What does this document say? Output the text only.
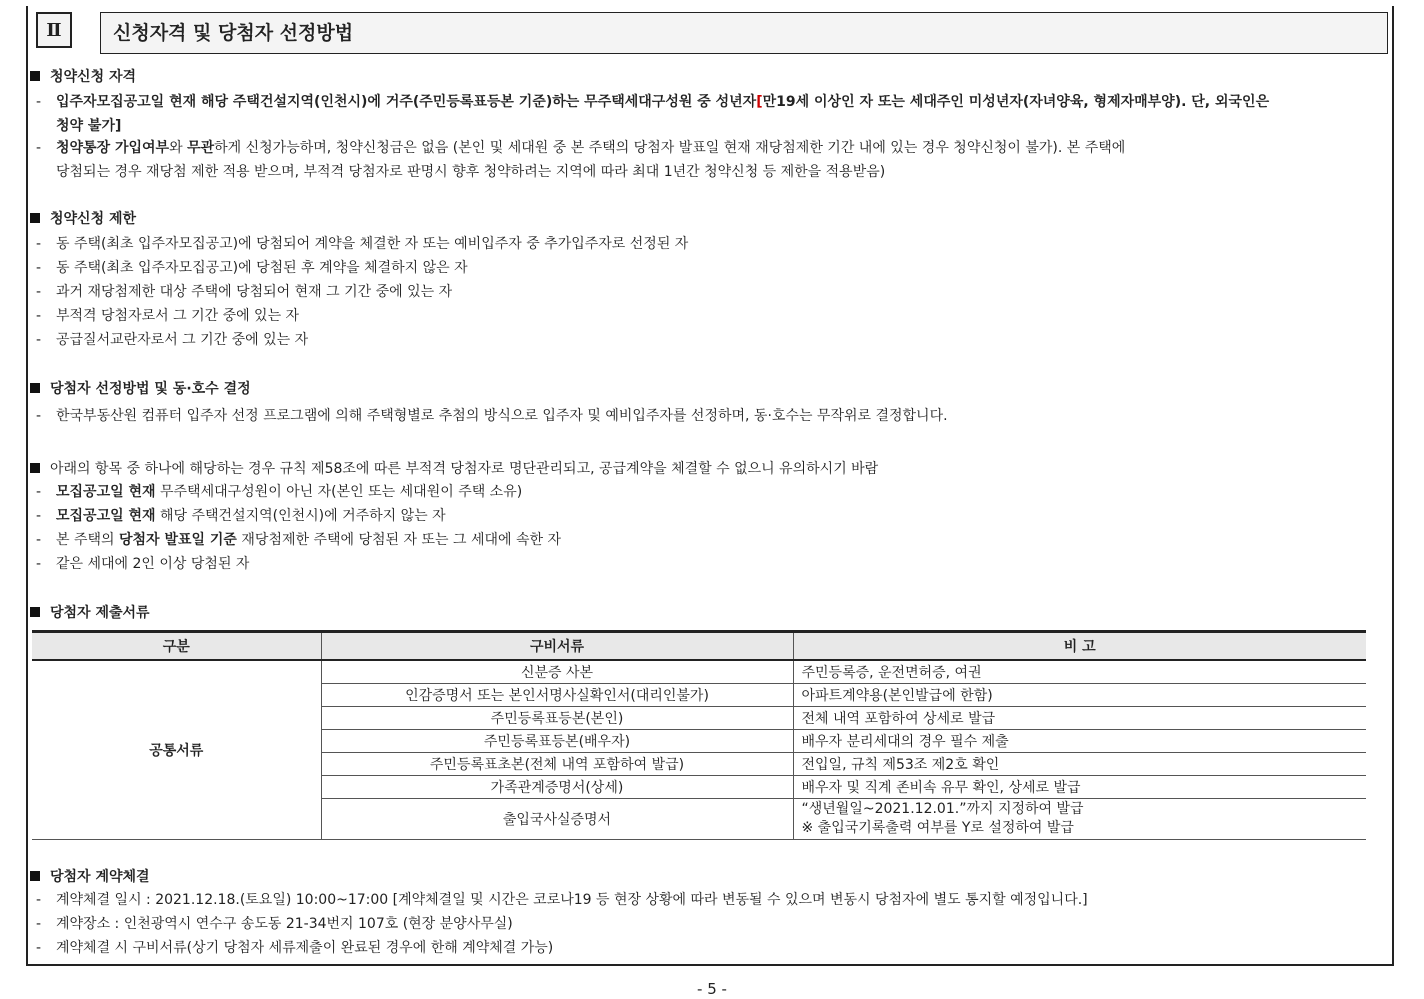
Ⅱ	신청자격 및 당첨자 선정방법
청약신청 자격
- 입주자모집공고일 현재 해당 주택건설지역(인천시)에 거주(주민등록표등본 기준)하는 무주택세대구성원 중 성년자[만19세 이상인 자 또는 세대주인 미성년자(자녀양육, 형제자매부양). 단, 외국인은
청약 불가]
- 청약통장 가입여부와 무관하게 신청가능하며, 청약신청금은 없음 (본인 및 세대원 중 본 주택의 당첨자 발표일 현재 재당첨제한 기간 내에 있는 경우 청약신청이 불가). 본 주택에
당첨되는 경우 재당첨 제한 적용 받으며, 부적격 당첨자로 판명시 향후 청약하려는 지역에 따라 최대 1년간 청약신청 등 제한을 적용받음)
청약신청 제한
- 동 주택(최초 입주자모집공고)에 당첨되어 계약을 체결한 자 또는 예비입주자 중 추가입주자로 선정된 자
- 동 주택(최초 입주자모집공고)에 당첨된 후 계약을 체결하지 않은 자
- 과거 재당첨제한 대상 주택에 당첨되어 현재 그 기간 중에 있는 자
- 부적격 당첨자로서 그 기간 중에 있는 자
- 공급질서교란자로서 그 기간 중에 있는 자
당첨자 선정방법 및 동·호수 결정
- 한국부동산원 컴퓨터 입주자 선정 프로그램에 의해 주택형별로 추첨의 방식으로 입주자 및 예비입주자를 선정하며, 동·호수는 무작위로 결정합니다.
아래의 항목 중 하나에 해당하는 경우 규칙 제58조에 따른 부적격 당첨자로 명단관리되고, 공급계약을 체결할 수 없으니 유의하시기 바람
- 모집공고일 현재 무주택세대구성원이 아닌 자(본인 또는 세대원이 주택 소유)
- 모집공고일 현재 해당 주택건설지역(인천시)에 거주하지 않는 자
- 본 주택의 당첨자 발표일 기준 재당첨제한 주택에 당첨된 자 또는 그 세대에 속한 자
- 같은 세대에 2인 이상 당첨된 자
당첨자 제출서류
구분	구비서류	비 고
공통서류	신분증 사본	주민등록증, 운전면허증, 여권
	인감증명서 또는 본인서명사실확인서(대리인불가)	아파트계약용(본인발급에 한함)
	주민등록표등본(본인)	전체 내역 포함하여 상세로 발급
	주민등록표등본(배우자)	배우자 분리세대의 경우 필수 제출
	주민등록표초본(전체 내역 포함하여 발급)	전입일, 규칙 제53조 제2호 확인
	가족관계증명서(상세)	배우자 및 직계 존비속 유무 확인, 상세로 발급
	출입국사실증명서	“생년월일~2021.12.01.”까지 지정하여 발급
※ 출입국기록출력 여부를 Y로 설정하여 발급
당첨자 계약체결
- 계약체결 일시 : 2021.12.18.(토요일) 10:00~17:00 [계약체결일 및 시간은 코로나19 등 현장 상황에 따라 변동될 수 있으며 변동시 당첨자에 별도 통지할 예정입니다.]
- 계약장소 : 인천광역시 연수구 송도동 21-34번지 107호 (현장 분양사무실)
- 계약체결 시 구비서류(상기 당첨자 세류제출이 완료된 경우에 한해 계약체결 가능)
- 5 -
